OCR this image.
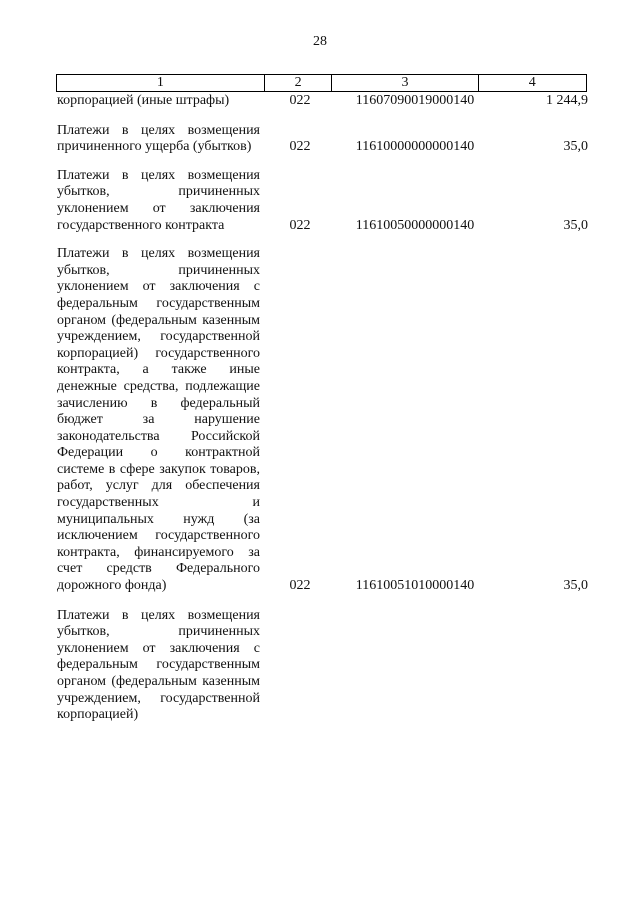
28
1	2	3	4
корпорацией (иные штрафы)	022	11607090019000140	1 244,9
Платежи в целях возмещения причиненного ущерба (убытков)	022	11610000000000140	35,0
Платежи в целях возмещения убытков, причиненных уклонением от заключения государственного контракта	022	11610050000000140	35,0
Платежи в целях возмещения убытков, причиненных уклонением от заключения с федеральным государственным органом (федеральным казенным учреждением, государственной корпорацией) государственного контракта, а также иные денежные средства, подлежащие зачислению в федеральный бюджет за нарушение законодательства Российской Федерации о контрактной системе в сфере закупок товаров, работ, услуг для обеспечения государственных и муниципальных нужд (за исключением государственного контракта, финансируемого за счет средств Федерального дорожного фонда)	022	11610051010000140	35,0
Платежи в целях возмещения убытков, причиненных уклонением от заключения с федеральным государственным органом (федеральным казенным учреждением, государственной корпорацией)
